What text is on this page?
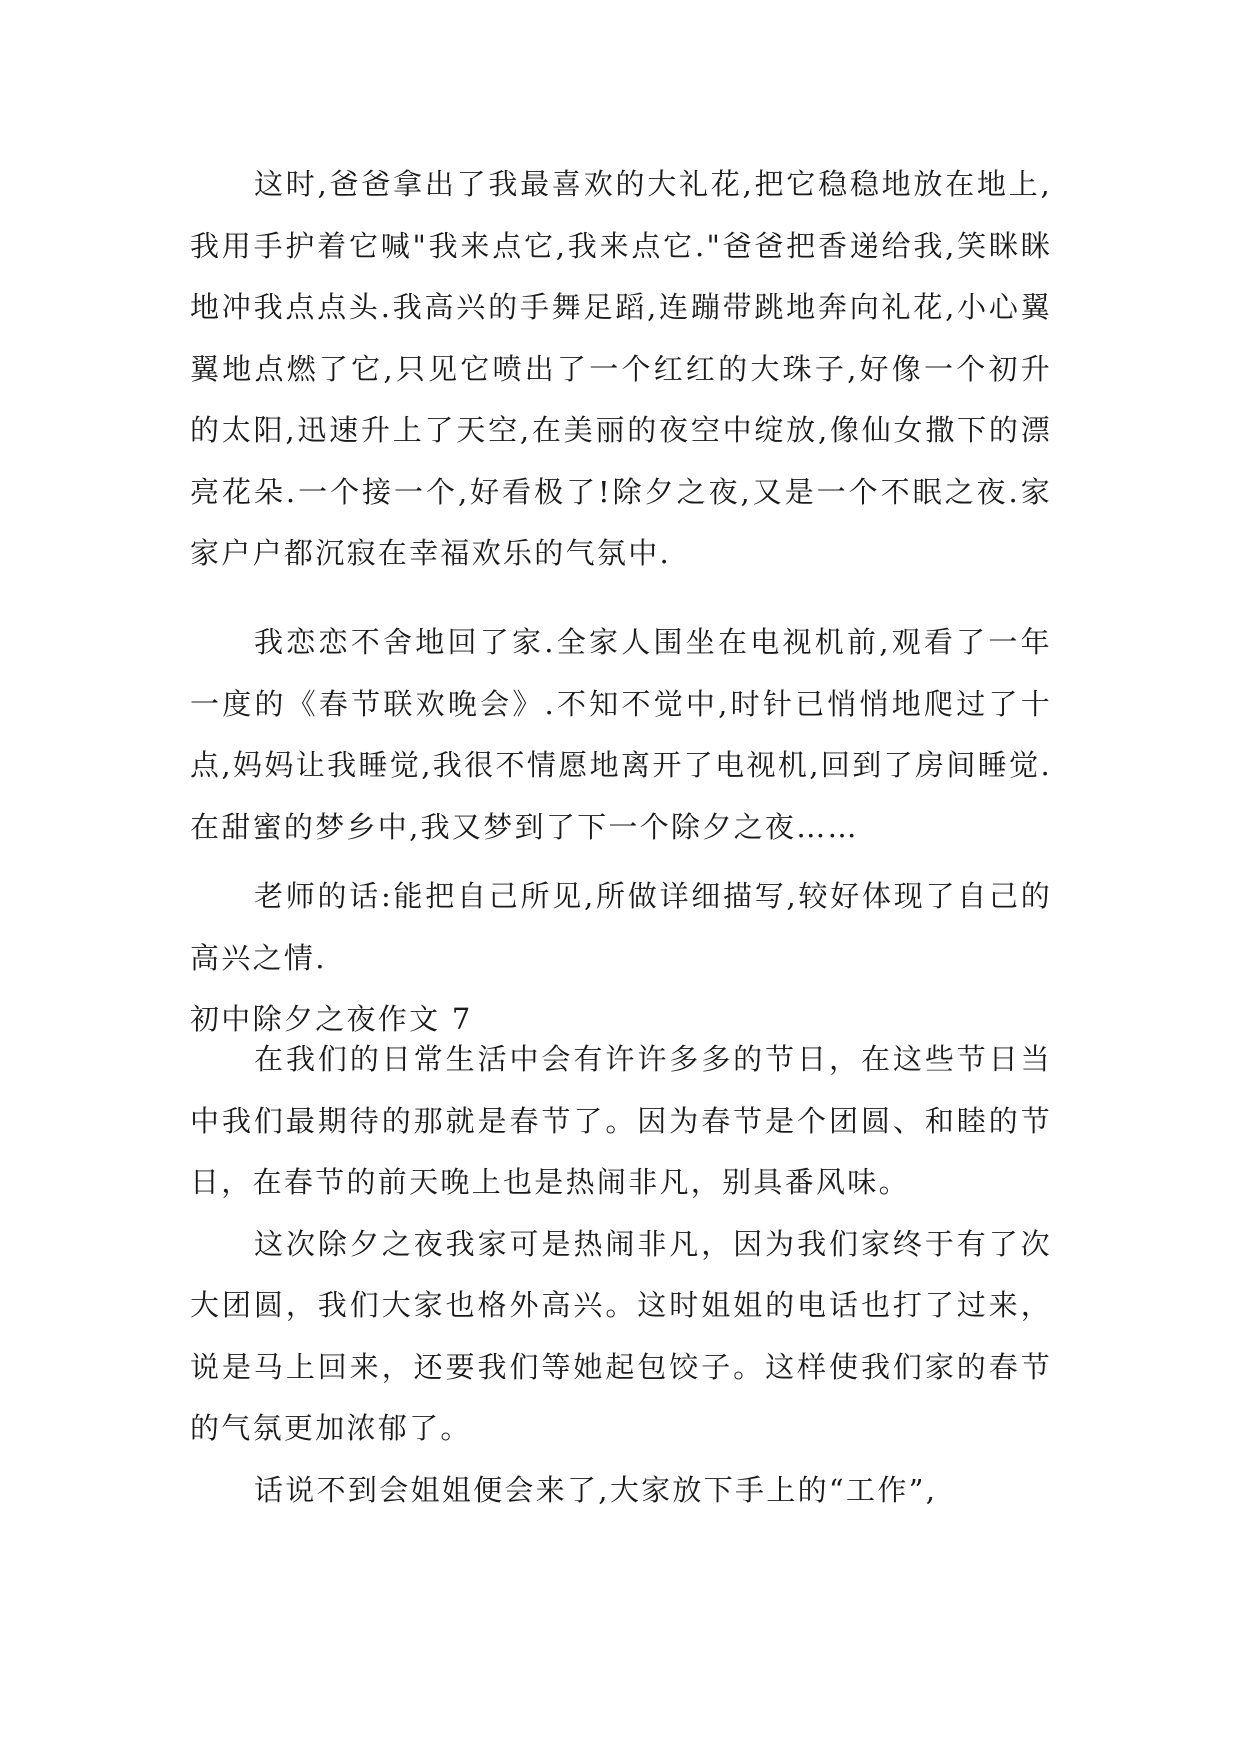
这时,爸爸拿出了我最喜欢的大礼花,把它稳稳地放在地上,我用手护着它喊"我来点它,我来点它."爸爸把香递给我,笑眯眯地冲我点点头.我高兴的手舞足蹈,连蹦带跳地奔向礼花,小心翼翼地点燃了它,只见它喷出了一个红红的大珠子,好像一个初升的太阳,迅速升上了天空,在美丽的夜空中绽放,像仙女撒下的漂亮花朵.一个接一个,好看极了!除夕之夜,又是一个不眠之夜.家家户户都沉寂在幸福欢乐的气氛中.

我恋恋不舍地回了家.全家人围坐在电视机前,观看了一年一度的《春节联欢晚会》.不知不觉中,时针已悄悄地爬过了十点,妈妈让我睡觉,我很不情愿地离开了电视机,回到了房间睡觉.在甜蜜的梦乡中,我又梦到了下一个除夕之夜……

老师的话:能把自己所见,所做详细描写,较好体现了自己的高兴之情.

初中除夕之夜作文 7

在我们的日常生活中会有许许多多的节日，在这些节日当中我们最期待的那就是春节了。因为春节是个团圆、和睦的节日，在春节的前天晚上也是热闹非凡，别具番风味。

这次除夕之夜我家可是热闹非凡，因为我们家终于有了次大团圆，我们大家也格外高兴。这时姐姐的电话也打了过来，说是马上回来，还要我们等她起包饺子。这样使我们家的春节的气氛更加浓郁了。

话说不到会姐姐便会来了,大家放下手上的“工作”,
